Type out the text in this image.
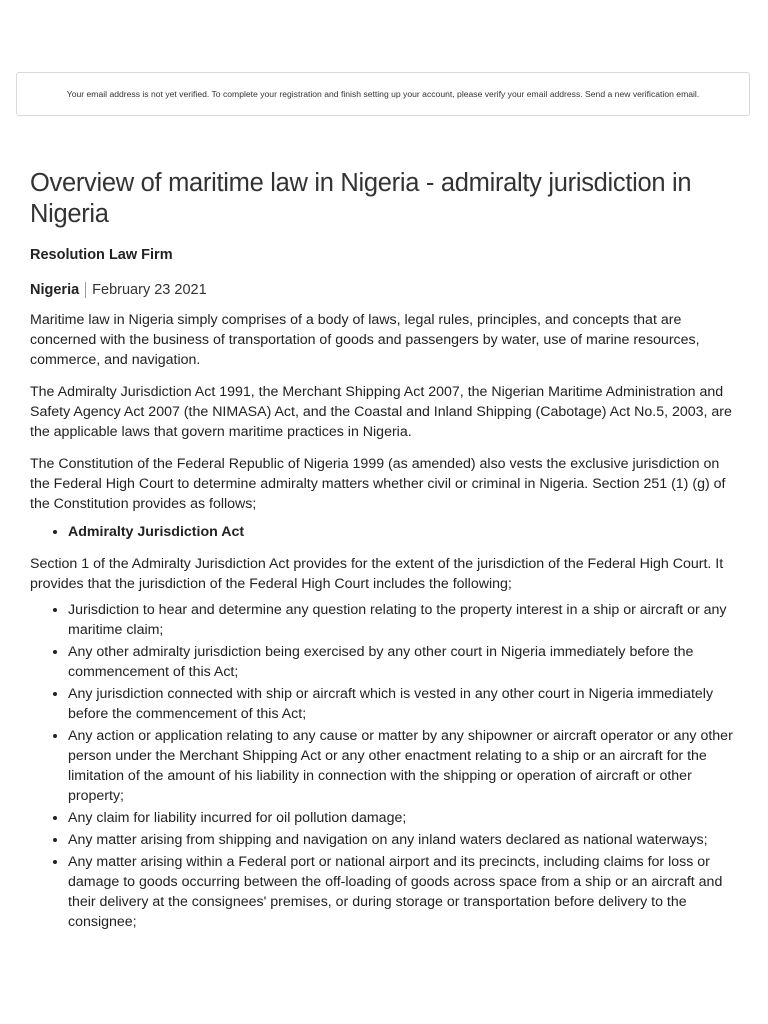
Your email address is not yet verified. To complete your registration and finish setting up your account, please verify your email address. Send a new verification email.
Overview of maritime law in Nigeria - admiralty jurisdiction in Nigeria
Resolution Law Firm
Nigeria February 23 2021

Maritime law in Nigeria simply comprises of a body of laws, legal rules, principles, and concepts that are concerned with the business of transportation of goods and passengers by water, use of marine resources, commerce, and navigation.

The Admiralty Jurisdiction Act 1991, the Merchant Shipping Act 2007, the Nigerian Maritime Administration and Safety Agency Act 2007 (the NIMASA) Act, and the Coastal and Inland Shipping (Cabotage) Act No.5, 2003, are the applicable laws that govern maritime practices in Nigeria.

The Constitution of the Federal Republic of Nigeria 1999 (as amended) also vests the exclusive jurisdiction on the Federal High Court to determine admiralty matters whether civil or criminal in Nigeria. Section 251 (1) (g) of the Constitution provides as follows;

• Admiralty Jurisdiction Act

Section 1 of the Admiralty Jurisdiction Act provides for the extent of the jurisdiction of the Federal High Court. It provides that the jurisdiction of the Federal High Court includes the following;

• Jurisdiction to hear and determine any question relating to the property interest in a ship or aircraft or any maritime claim;
• Any other admiralty jurisdiction being exercised by any other court in Nigeria immediately before the commencement of this Act;
• Any jurisdiction connected with ship or aircraft which is vested in any other court in Nigeria immediately before the commencement of this Act;
• Any action or application relating to any cause or matter by any shipowner or aircraft operator or any other person under the Merchant Shipping Act or any other enactment relating to a ship or an aircraft for the limitation of the amount of his liability in connection with the shipping or operation of aircraft or other property;
• Any claim for liability incurred for oil pollution damage;
• Any matter arising from shipping and navigation on any inland waters declared as national waterways;
• Any matter arising within a Federal port or national airport and its precincts, including claims for loss or damage to goods occurring between the off-loading of goods across space from a ship or an aircraft and their delivery at the consignees' premises, or during storage or transportation before delivery to the consignee;
